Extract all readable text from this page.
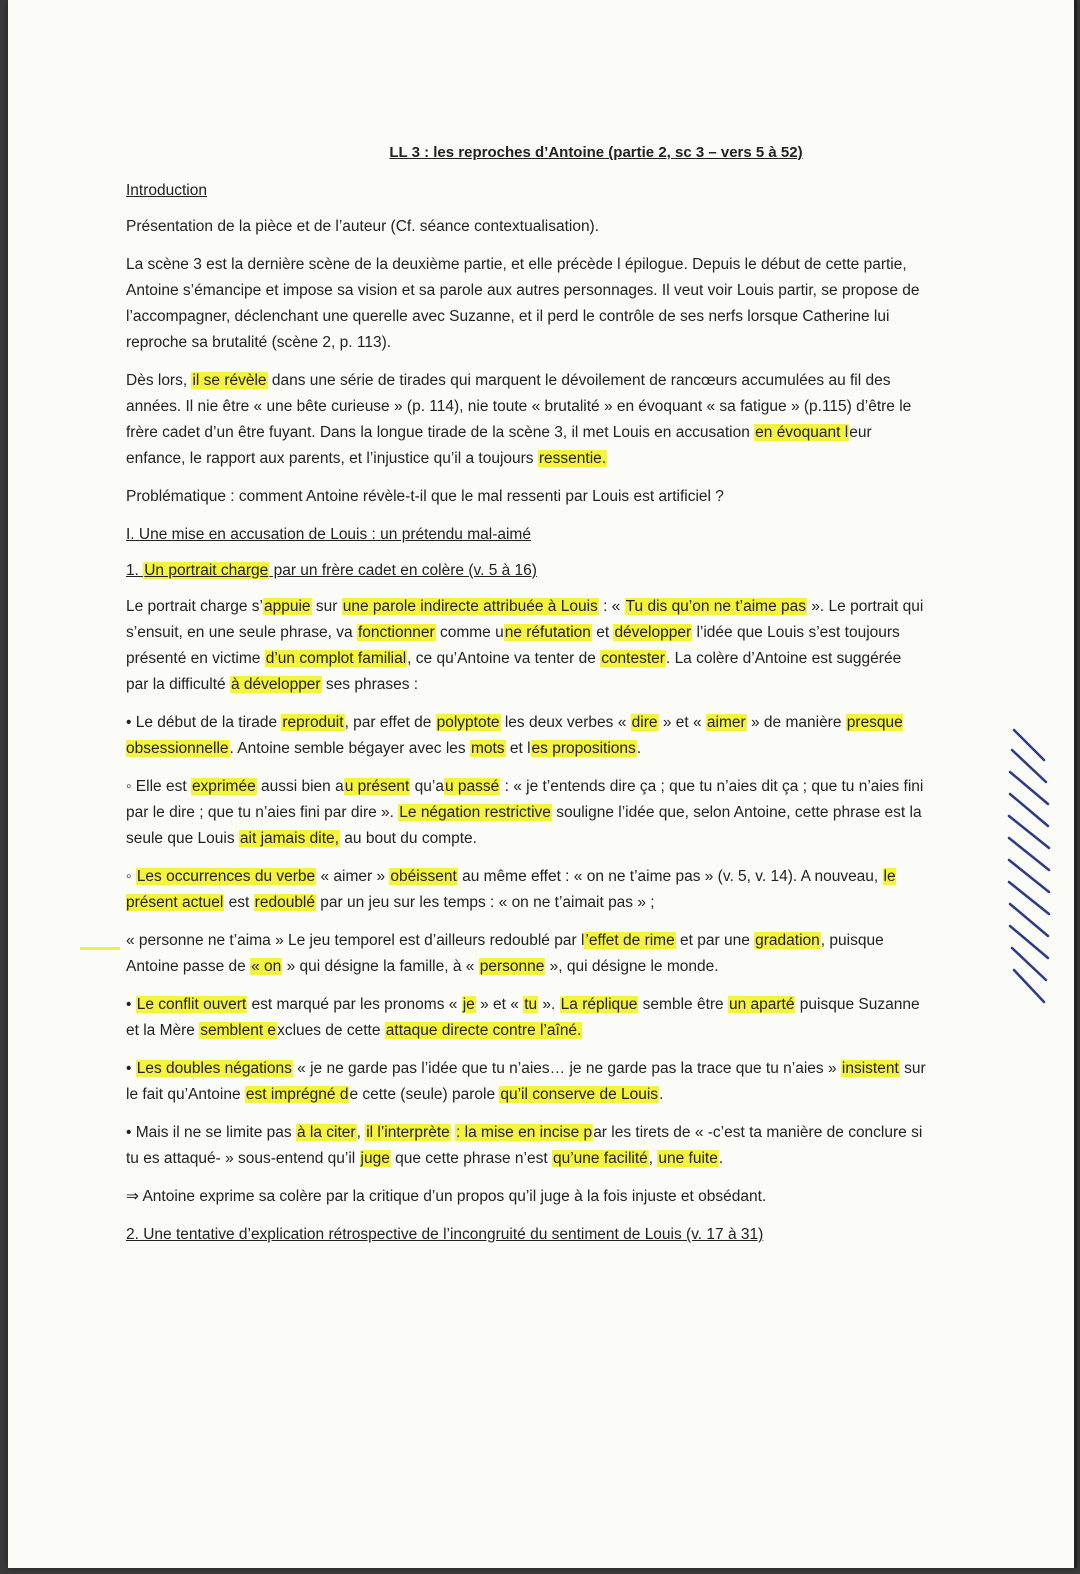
LL 3 : les reproches d’Antoine (partie 2, sc 3 – vers 5 à 52)
Introduction

Présentation de la pièce et de l’auteur (Cf. séance contextualisation).

La scène 3 est la dernière scène de la deuxième partie, et elle précède l épilogue. Depuis le début de cette partie, Antoine s’émancipe et impose sa vision et sa parole aux autres personnages. Il veut voir Louis partir, se propose de l’accompagner, déclenchant une querelle avec Suzanne, et il perd le contrôle de ses nerfs lorsque Catherine lui reproche sa brutalité (scène 2, p. 113).

Dès lors, il se révèle dans une série de tirades qui marquent le dévoilement de rancœurs accumulées au fil des années. Il nie être « une bête curieuse » (p. 114), nie toute « brutalité » en évoquant « sa fatigue » (p.115) d’être le frère cadet d’un être fuyant. Dans la longue tirade de la scène 3, il met Louis en accusation en évoquant leur enfance, le rapport aux parents, et l’injustice qu’il a toujours ressentie.

Problématique : comment Antoine révèle-t-il que le mal ressenti par Louis est artificiel ?

I. Une mise en accusation de Louis : un prétendu mal-aimé
1. Un portrait charge par un frère cadet en colère (v. 5 à 16)

Le portrait charge s’appuie sur une parole indirecte attribuée à Louis : « Tu dis qu’on ne t’aime pas ». Le portrait qui s’ensuit, en une seule phrase, va fonctionner comme une réfutation et développer l’idée que Louis s’est toujours présenté en victime d’un complot familial, ce qu’Antoine va tenter de contester. La colère d’Antoine est suggérée par la difficulté à développer ses phrases :

• Le début de la tirade reproduit, par effet de polyptote les deux verbes « dire » et « aimer » de manière presque obsessionnelle. Antoine semble bégayer avec les mots et les propositions.

◦ Elle est exprimée aussi bien au présent qu’au passé : « je t’entends dire ça ; que tu n’aies dit ça ; que tu n’aies fini par le dire ; que tu n’aies fini par dire ». Le négation restrictive souligne l’idée que, selon Antoine, cette phrase est la seule que Louis ait jamais dite, au bout du compte.

◦ Les occurrences du verbe « aimer » obéissent au même effet : « on ne t’aime pas » (v. 5, v. 14). A nouveau, le présent actuel est redoublé par un jeu sur les temps : « on ne t’aimait pas » ;

« personne ne t’aima » Le jeu temporel est d’ailleurs redoublé par l’effet de rime et par une gradation, puisque Antoine passe de « on » qui désigne la famille, à « personne », qui désigne le monde.

• Le conflit ouvert est marqué par les pronoms « je » et « tu ». La réplique semble être un aparté puisque Suzanne et la Mère semblent exclues de cette attaque directe contre l’aîné.

• Les doubles négations « je ne garde pas l’idée que tu n’aies… je ne garde pas la trace que tu n’aies » insistent sur le fait qu’Antoine est imprégné de cette (seule) parole qu’il conserve de Louis.

• Mais il ne se limite pas à la citer, il l’interprète : la mise en incise par les tirets de « -c’est ta manière de conclure si tu es attaqué- » sous-entend qu’il juge que cette phrase n’est qu’une facilité, une fuite.

⇒ Antoine exprime sa colère par la critique d’un propos qu’il juge à la fois injuste et obsédant.

2. Une tentative d’explication rétrospective de l’incongruité du sentiment de Louis (v. 17 à 31)
